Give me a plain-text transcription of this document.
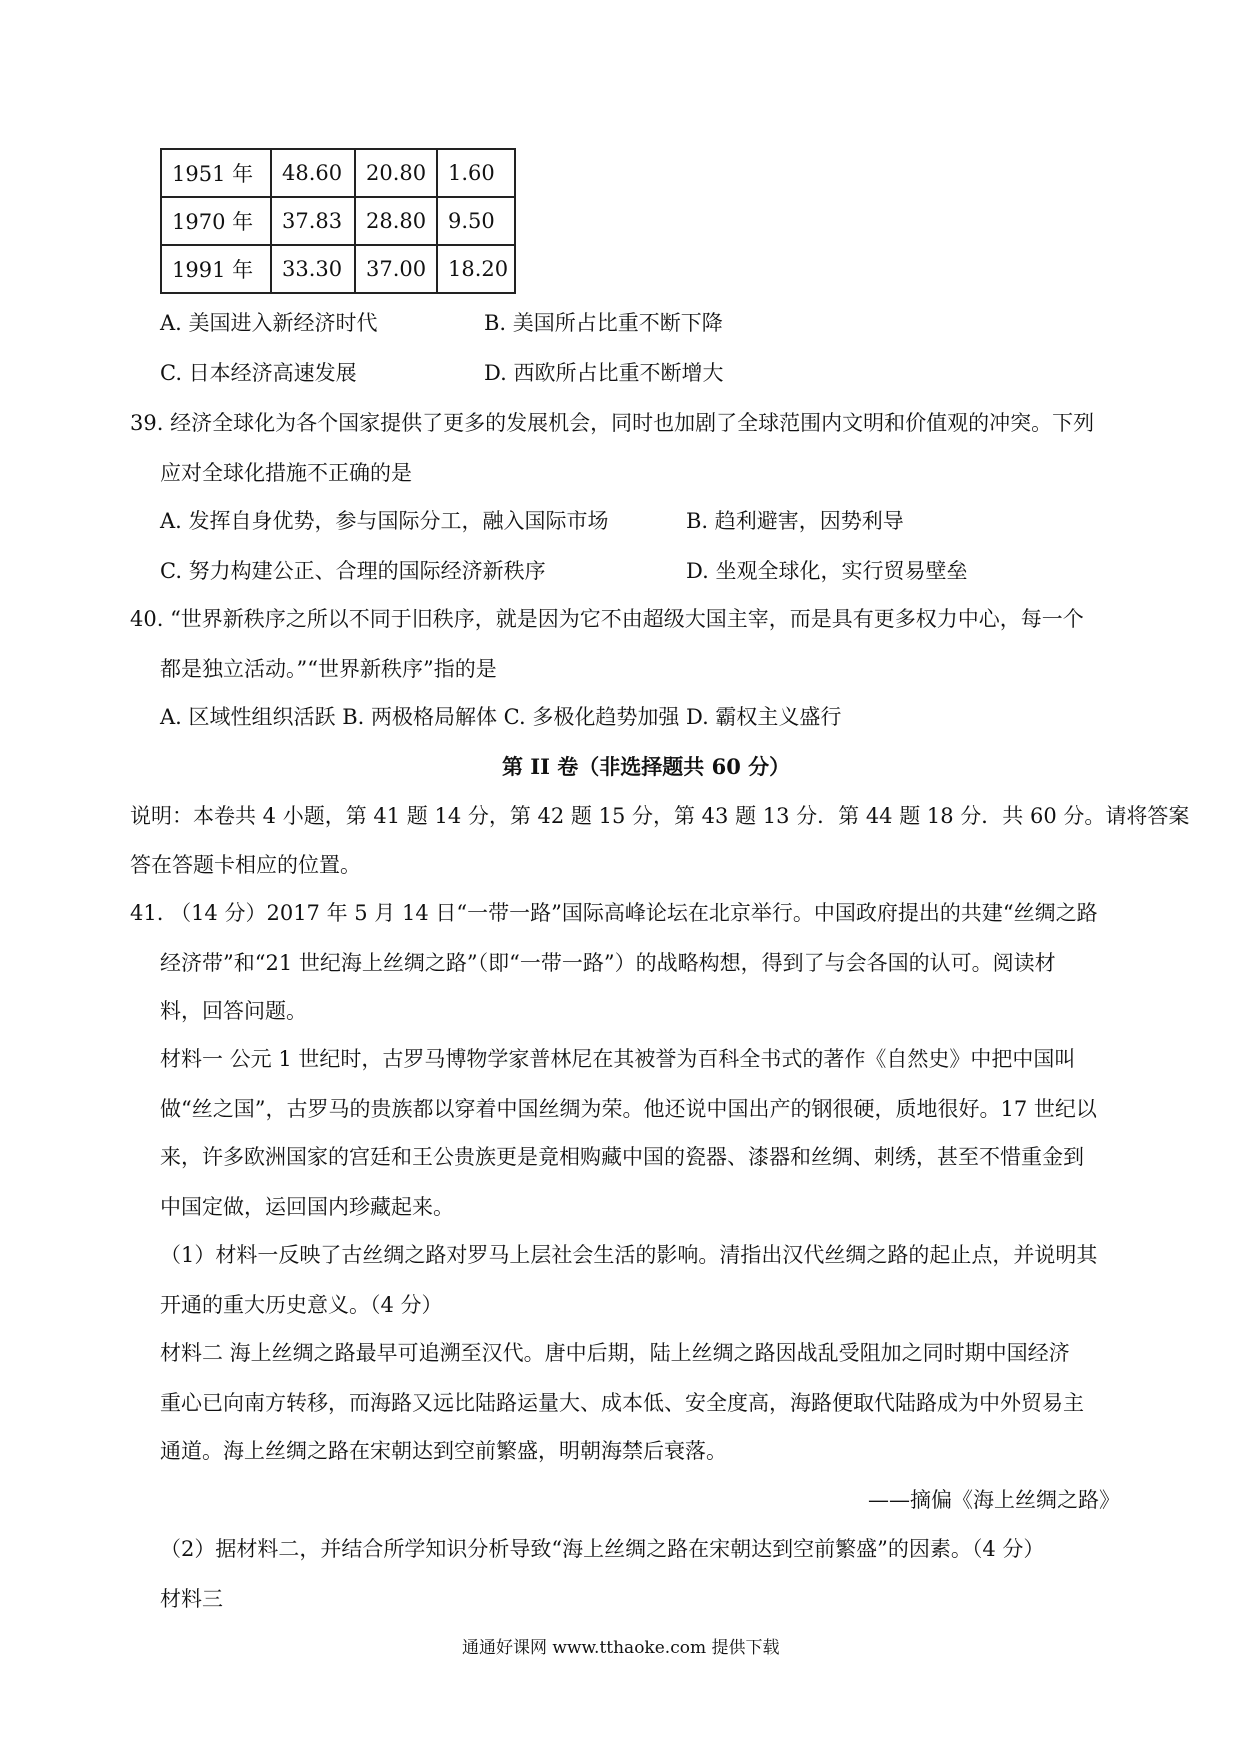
1951 年	48.60	20.80	1.60
1970 年	37.83	28.80	9.50
1991 年	33.30	37.00	18.20
A. 美国进入新经济时代	B. 美国所占比重不断下降
C. 日本经济高速发展	D. 西欧所占比重不断增大
39. 经济全球化为各个国家提供了更多的发展机会，同时也加剧了全球范围内文明和价值观的冲突。下列
应对全球化措施不正确的是
A. 发挥自身优势，参与国际分工，融入国际市场	B. 趋利避害，因势利导
C. 努力构建公正、合理的国际经济新秩序	D. 坐观全球化，实行贸易壁垒
40. “世界新秩序之所以不同于旧秩序，就是因为它不由超级大国主宰，而是具有更多权力中心，每一个
都是独立活动。”“世界新秩序”指的是
A. 区域性组织活跃 B. 两极格局解体 C. 多极化趋势加强 D. 霸权主义盛行
第 II 卷（非选择题共 60 分）
说明：本卷共 4 小题，第 41 题 14 分，第 42 题 15 分，第 43 题 13 分．第 44 题 18 分．共 60 分。请将答案
答在答题卡相应的位置。
41. （14 分）2017 年 5 月 14 日“一带一路”国际高峰论坛在北京举行。中国政府提出的共建“丝绸之路
经济带”和“21 世纪海上丝绸之路”（即“一带一路”）的战略构想，得到了与会各国的认可。阅读材
料，回答问题。
材料一 公元 1 世纪时，古罗马博物学家普林尼在其被誉为百科全书式的著作《自然史》中把中国叫
做“丝之国”，古罗马的贵族都以穿着中国丝绸为荣。他还说中国出产的钢很硬，质地很好。17 世纪以
来，许多欧洲国家的宫廷和王公贵族更是竟相购藏中国的瓷器、漆器和丝绸、刺绣，甚至不惜重金到
中国定做，运回国内珍藏起来。
（1）材料一反映了古丝绸之路对罗马上层社会生活的影响。清指出汉代丝绸之路的起止点，并说明其
开通的重大历史意义。（4 分）
材料二 海上丝绸之路最早可追溯至汉代。唐中后期，陆上丝绸之路因战乱受阻加之同时期中国经济
重心已向南方转移，而海路又远比陆路运量大、成本低、安全度高，海路便取代陆路成为中外贸易主
通道。海上丝绸之路在宋朝达到空前繁盛，明朝海禁后衰落。
——摘偏《海上丝绸之路》
（2）据材料二，并结合所学知识分析导致“海上丝绸之路在宋朝达到空前繁盛”的因素。（4 分）
材料三
通通好课网 www.tthaoke.com 提供下载
